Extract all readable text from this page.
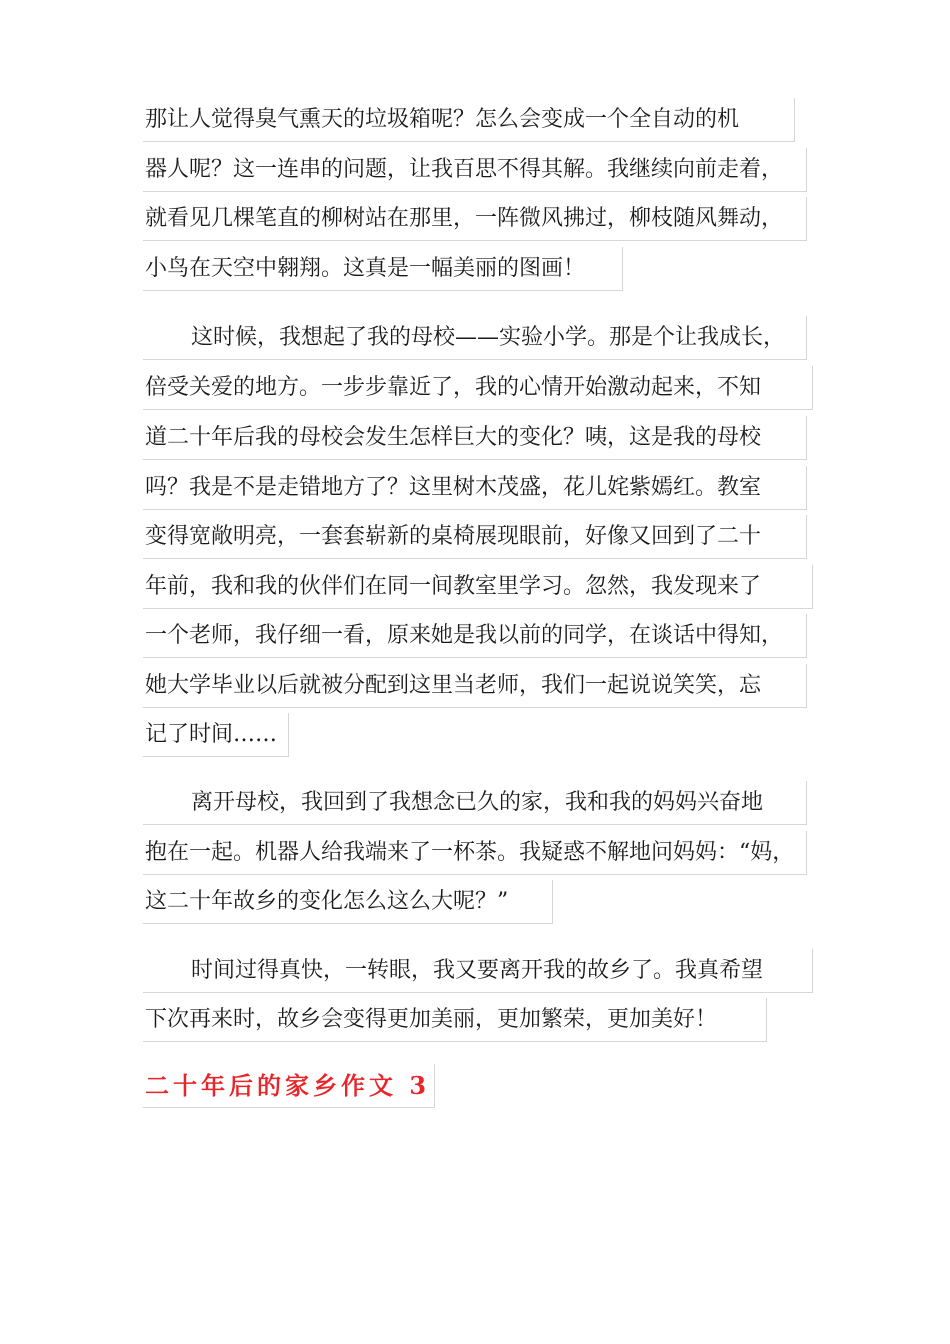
那让人觉得臭气熏天的垃圾箱呢？怎么会变成一个全自动的机
器人呢？这一连串的问题，让我百思不得其解。我继续向前走着，
就看见几棵笔直的柳树站在那里，一阵微风拂过，柳枝随风舞动，
小鸟在天空中翱翔。这真是一幅美丽的图画！
这时候，我想起了我的母校——实验小学。那是个让我成长，
倍受关爱的地方。一步步靠近了，我的心情开始激动起来，不知
道二十年后我的母校会发生怎样巨大的变化？咦，这是我的母校
吗？我是不是走错地方了？这里树木茂盛，花儿姹紫嫣红。教室
变得宽敞明亮，一套套崭新的桌椅展现眼前，好像又回到了二十
年前，我和我的伙伴们在同一间教室里学习。忽然，我发现来了
一个老师，我仔细一看，原来她是我以前的同学，在谈话中得知，
她大学毕业以后就被分配到这里当老师，我们一起说说笑笑，忘
记了时间……
离开母校，我回到了我想念已久的家，我和我的妈妈兴奋地
抱在一起。机器人给我端来了一杯茶。我疑惑不解地问妈妈：“妈，
这二十年故乡的变化怎么这么大呢？”
时间过得真快，一转眼，我又要离开我的故乡了。我真希望
下次再来时，故乡会变得更加美丽，更加繁荣，更加美好！
二十年后的家乡作文 3
